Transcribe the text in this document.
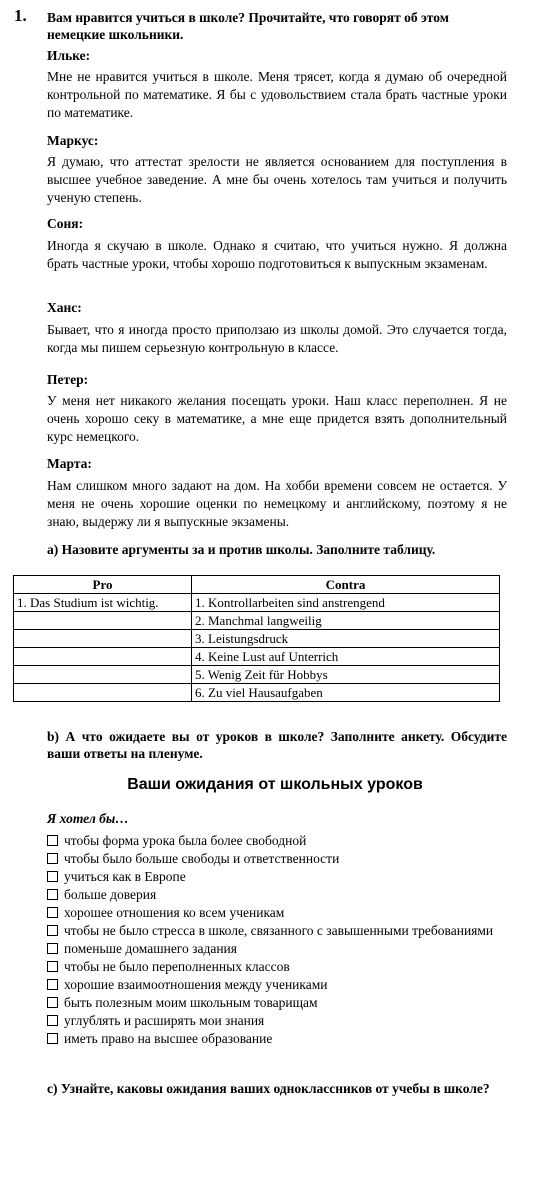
1. Вам нравится учиться в школе? Прочитайте, что говорят об этом немецкие школьники.
Ильке:
Мне не нравится учиться в школе. Меня трясет, когда я думаю об очередной контрольной по математике. Я бы с удовольствием стала брать частные уроки по математике.
Маркус:
Я думаю, что аттестат зрелости не является основанием для поступления в высшее учебное заведение. А мне бы очень хотелось там учиться и получить ученую степень.
Соня:
Иногда я скучаю в школе. Однако я считаю, что учиться нужно. Я должна брать частные уроки, чтобы хорошо подготовиться к выпускным экзаменам.
Ханс:
Бывает, что я иногда просто приползаю из школы домой. Это случается тогда, когда мы пишем серьезную контрольную в классе.
Петер:
У меня нет никакого желания посещать уроки. Наш класс переполнен. Я не очень хорошо секу в математике, а мне еще придется взять дополнительный курс немецкого.
Марта:
Нам слишком много задают на дом. На хобби времени совсем не остается. У меня не очень хорошие оценки по немецкому и английскому, поэтому я не знаю, выдержу ли я выпускные экзамены.
a) Назовите аргументы за и против школы. Заполните таблицу.
Pro	Contra
1. Das Studium ist wichtig.	1. Kontrollarbeiten sind anstrengend
	2. Manchmal langweilig
	3. Leistungsdruck
	4. Keine Lust auf Unterrich
	5. Wenig Zeit für Hobbys
	6. Zu viel Hausaufgaben
b) А что ожидаете вы от уроков в школе? Заполните анкету. Обсудите ваши ответы на пленуме.
Ваши ожидания от школьных уроков
Я хотел бы…
чтобы форма урока была более свободной
чтобы было больше свободы и ответственности
учиться как в Европе
больше доверия
хорошее отношения ко всем ученикам
чтобы не было стресса в школе, связанного с завышенными требованиями
поменьше домашнего задания
чтобы не было переполненных классов
хорошие взаимоотношения между учениками
быть полезным моим школьным товарищам
углублять и расширять мои знания
иметь право на высшее образование
c) Узнайте, каковы ожидания ваших одноклассников от учебы в школе?
